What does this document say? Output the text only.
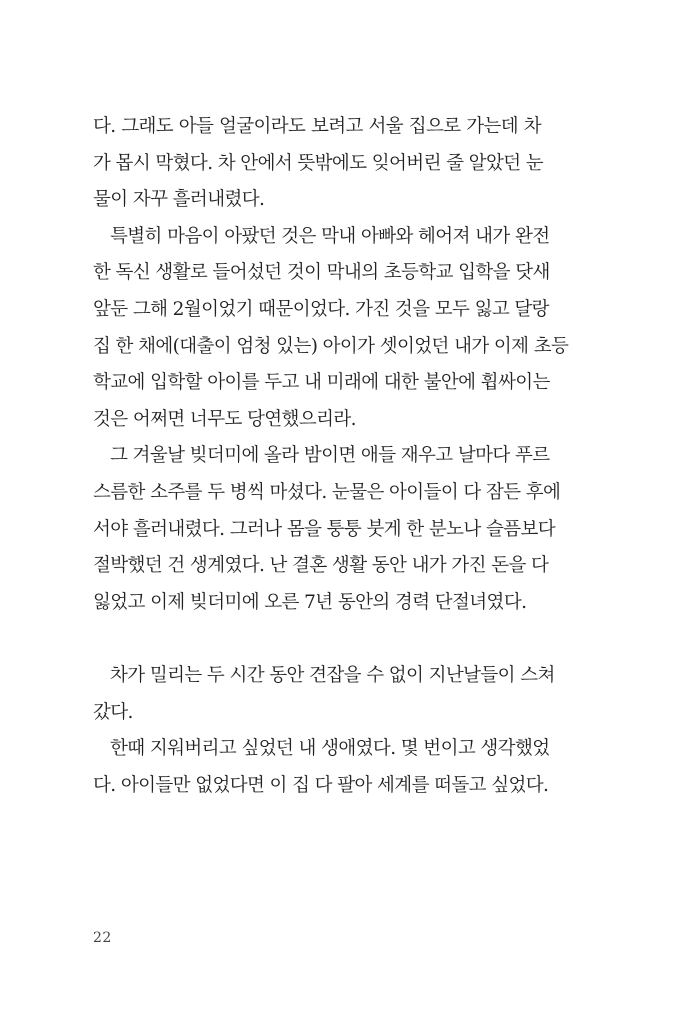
다. 그래도 아들 얼굴이라도 보려고 서울 집으로 가는데 차
가 몹시 막혔다. 차 안에서 뜻밖에도 잊어버린 줄 알았던 눈
물이 자꾸 흘러내렸다.
특별히 마음이 아팠던 것은 막내 아빠와 헤어져 내가 완전
한 독신 생활로 들어섰던 것이 막내의 초등학교 입학을 닷새
앞둔 그해 2월이었기 때문이었다. 가진 것을 모두 잃고 달랑
집 한 채에(대출이 엄청 있는) 아이가 셋이었던 내가 이제 초등
학교에 입학할 아이를 두고 내 미래에 대한 불안에 휩싸이는
것은 어쩌면 너무도 당연했으리라.
그 겨울날 빚더미에 올라 밤이면 애들 재우고 날마다 푸르
스름한 소주를 두 병씩 마셨다. 눈물은 아이들이 다 잠든 후에
서야 흘러내렸다. 그러나 몸을 퉁퉁 붓게 한 분노나 슬픔보다
절박했던 건 생계였다. 난 결혼 생활 동안 내가 가진 돈을 다
잃었고 이제 빚더미에 오른 7년 동안의 경력 단절녀였다.
차가 밀리는 두 시간 동안 견잡을 수 없이 지난날들이 스쳐
갔다.
한때 지워버리고 싶었던 내 생애였다. 몇 번이고 생각했었
다. 아이들만 없었다면 이 집 다 팔아 세계를 떠돌고 싶었다.
22
